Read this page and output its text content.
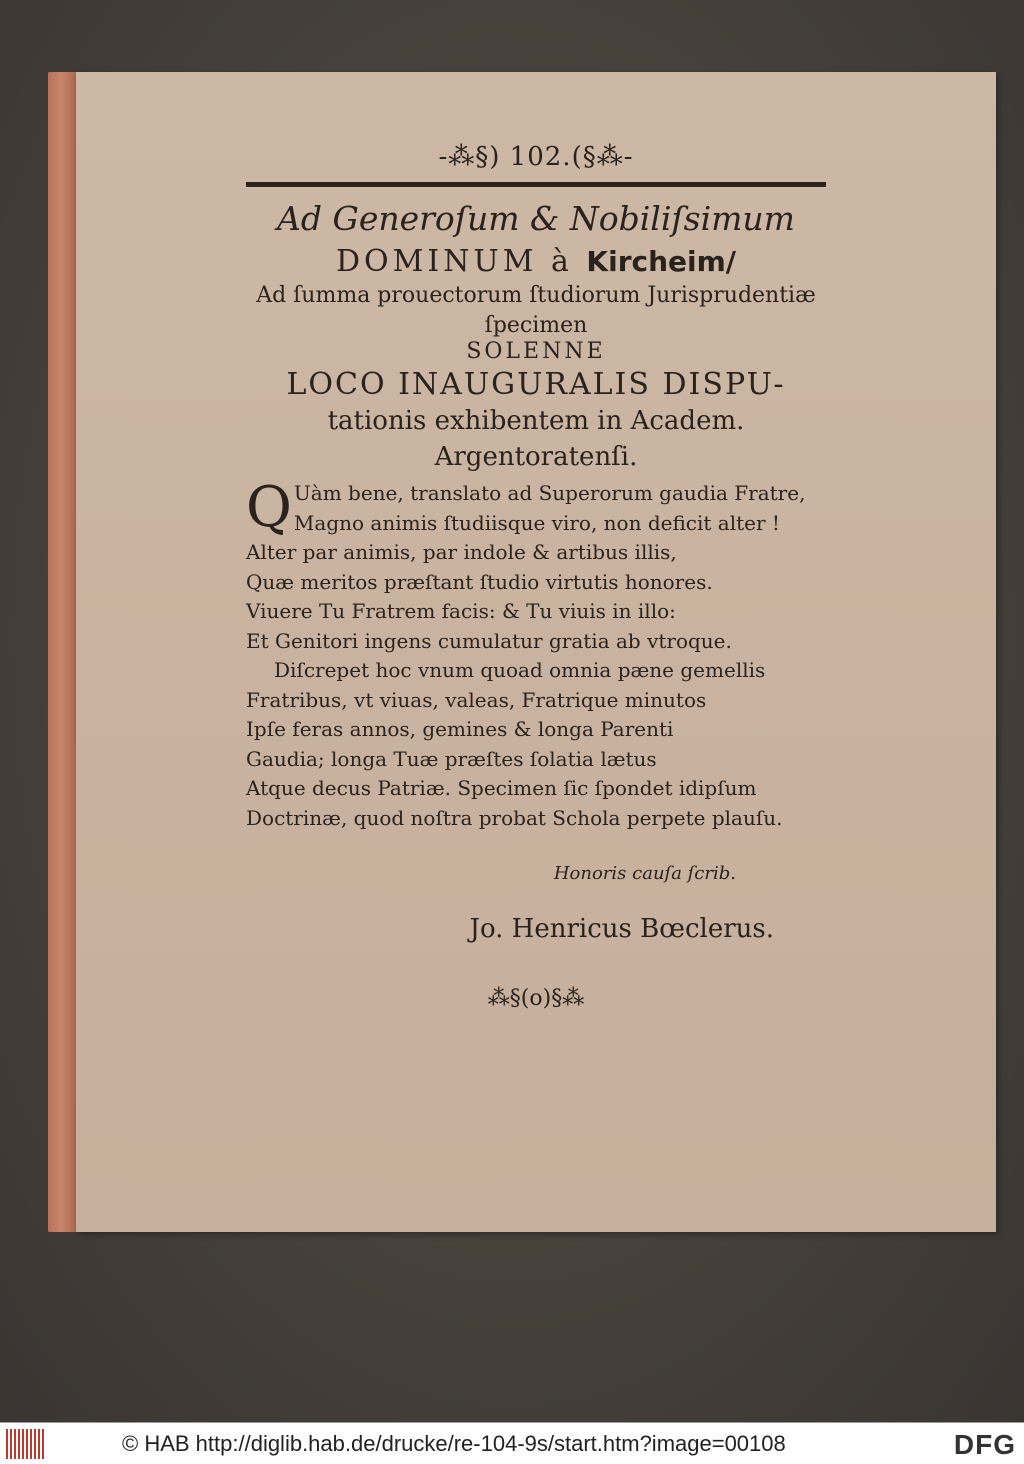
-⁂§) 102.(§⁂-
Ad Generoſum & Nobiliſsimum
DOMINUM à Kircheim/
Ad ſumma prouectorum ſtudiorum Jurisprudentiæ
ſpecimen
SOLENNE
LOCO INAUGURALIS DISPU-
tationis exhibentem in Academ.
Argentoratenſi.
Q Uàm bene, translato ad Superorum gaudia Fratre,
Magno animis ſtudiisque viro, non deficit alter !
Alter par animis, par indole & artibus illis,
Quæ meritos præſtant ſtudio virtutis honores.
Viuere Tu Fratrem facis: & Tu viuis in illo:
Et Genitori ingens cumulatur gratia ab vtroque.
Diſcrepet hoc vnum quoad omnia pæne gemellis
Fratribus, vt viuas, valeas, Fratrique minutos
Ipſe feras annos, gemines & longa Parenti
Gaudia; longa Tuæ præſtes ſolatia lætus
Atque decus Patriæ. Specimen ſic ſpondet idipſum
Doctrinæ, quod noſtra probat Schola perpete plauſu.
Honoris cauſa ſcrib.
Jo. Henricus Bœclerus.
⁂§(o)§⁂
© HAB http://diglib.hab.de/drucke/re-104-9s/start.htm?image=00108	DFG
